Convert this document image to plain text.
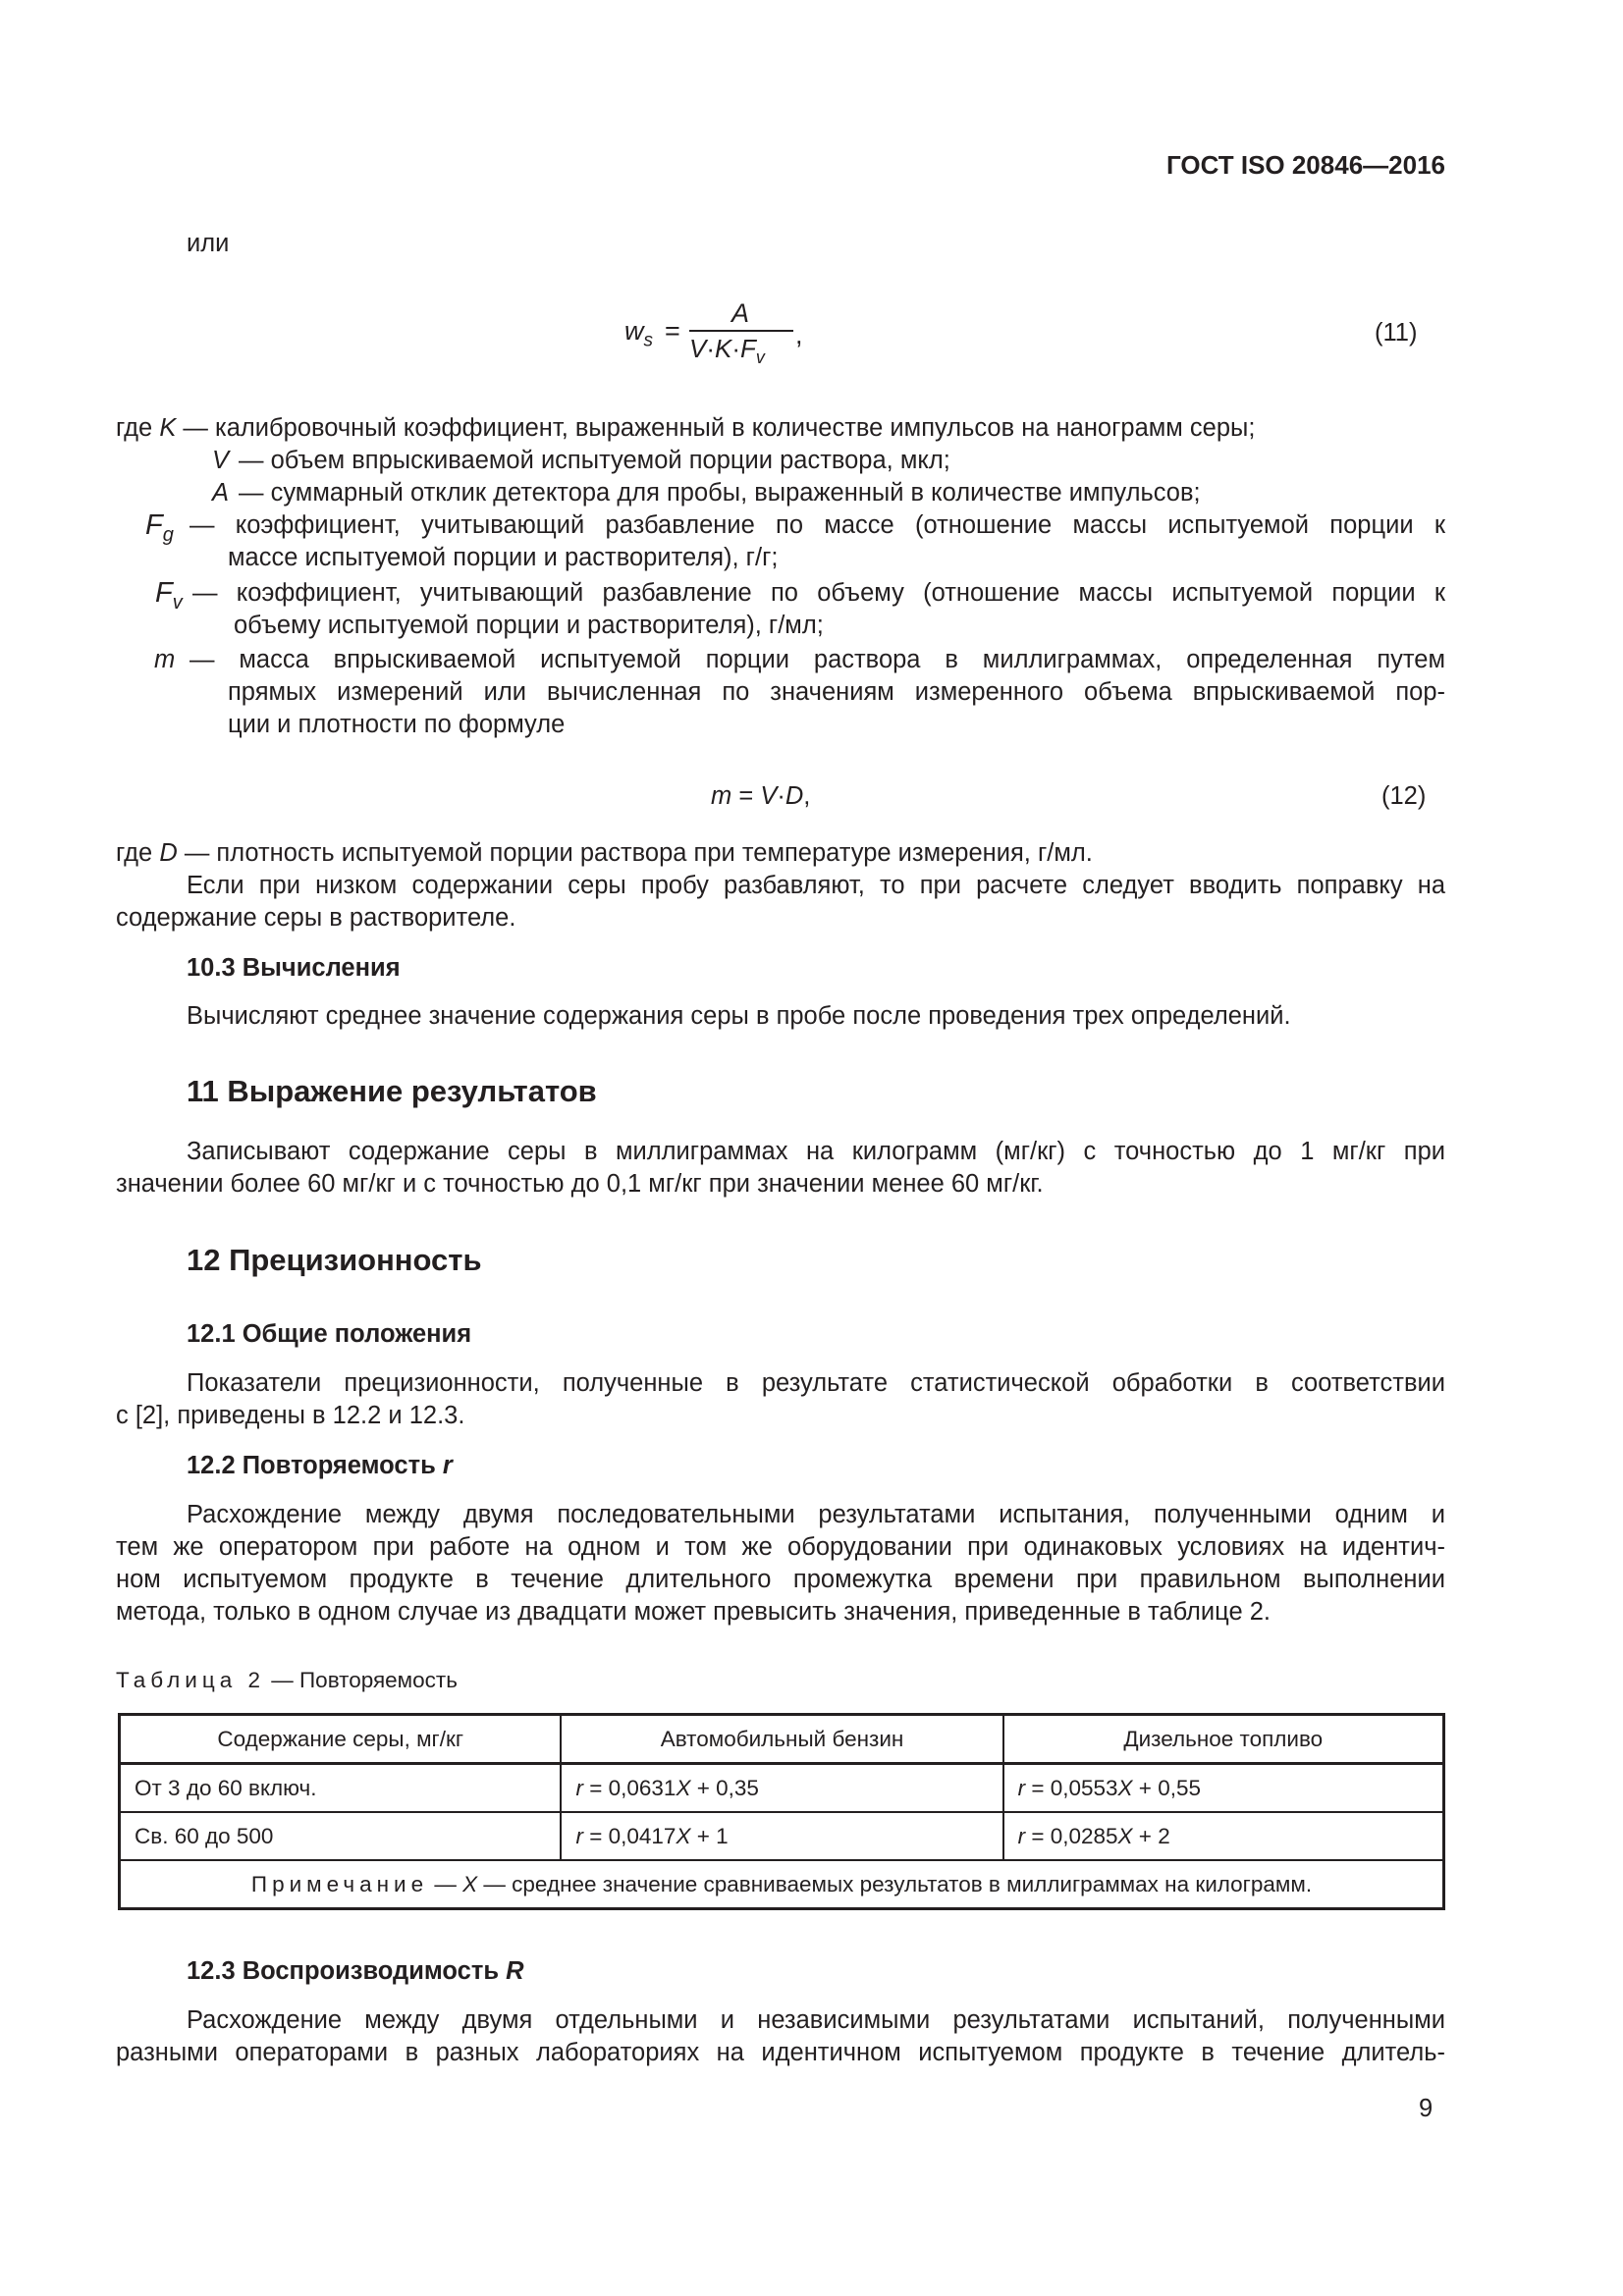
ГОСТ ISO 20846—2016
или
$w_s$ =
A
$V\cdot K\cdot F_v$
,	(11)
где K — калибровочный коэффициент, выраженный в количестве импульсов на нанограмм серы;
V — объем впрыскиваемой испытуемой порции раствора, мкл;
A — суммарный отклик детектора для пробы, выраженный в количестве импульсов;
$F_g$ — коэффициент, учитывающий разбавление по массе (отношение массы испытуемой порции к
массе испытуемой порции и растворителя), г/г;
$F_v$ — коэффициент, учитывающий разбавление по объему (отношение массы испытуемой порции к
объему испытуемой порции и растворителя), г/мл;
m — масса впрыскиваемой испытуемой порции раствора в миллиграммах, определенная путем
прямых измерений или вычисленная по значениям измеренного объема впрыскиваемой пор-
ции и плотности по формуле
m = V·D,	(12)
где D — плотность испытуемой порции раствора при температуре измерения, г/мл.
Если при низком содержании серы пробу разбавляют, то при расчете следует вводить поправку на
содержание серы в растворителе.
10.3 Вычисления
Вычисляют среднее значение содержания серы в пробе после проведения трех определений.
11 Выражение результатов
Записывают содержание серы в миллиграммах на килограмм (мг/кг) с точностью до 1 мг/кг при
значении более 60 мг/кг и с точностью до 0,1 мг/кг при значении менее 60 мг/кг.
12 Прецизионность
12.1 Общие положения
Показатели прецизионности, полученные в результате статистической обработки в соответствии
с [2], приведены в 12.2 и 12.3.
12.2 Повторяемость r
Расхождение между двумя последовательными результатами испытания, полученными одним и
тем же оператором при работе на одном и том же оборудовании при одинаковых условиях на идентич-
ном испытуемом продукте в течение длительного промежутка времени при правильном выполнении
метода, только в одном случае из двадцати может превысить значения, приведенные в таблице 2.
Таблица 2 — Повторяемость
Содержание серы, мг/кг	Автомобильный бензин	Дизельное топливо
От 3 до 60 включ.	r = 0,0631X + 0,35	r = 0,0553X + 0,55
Св. 60 до 500	r = 0,0417X + 1	r = 0,0285X + 2
Примечание — X — среднее значение сравниваемых результатов в миллиграммах на килограмм.		
12.3 Воспроизводимость R
Расхождение между двумя отдельными и независимыми результатами испытаний, полученными
разными операторами в разных лабораториях на идентичном испытуемом продукте в течение длитель-
9
